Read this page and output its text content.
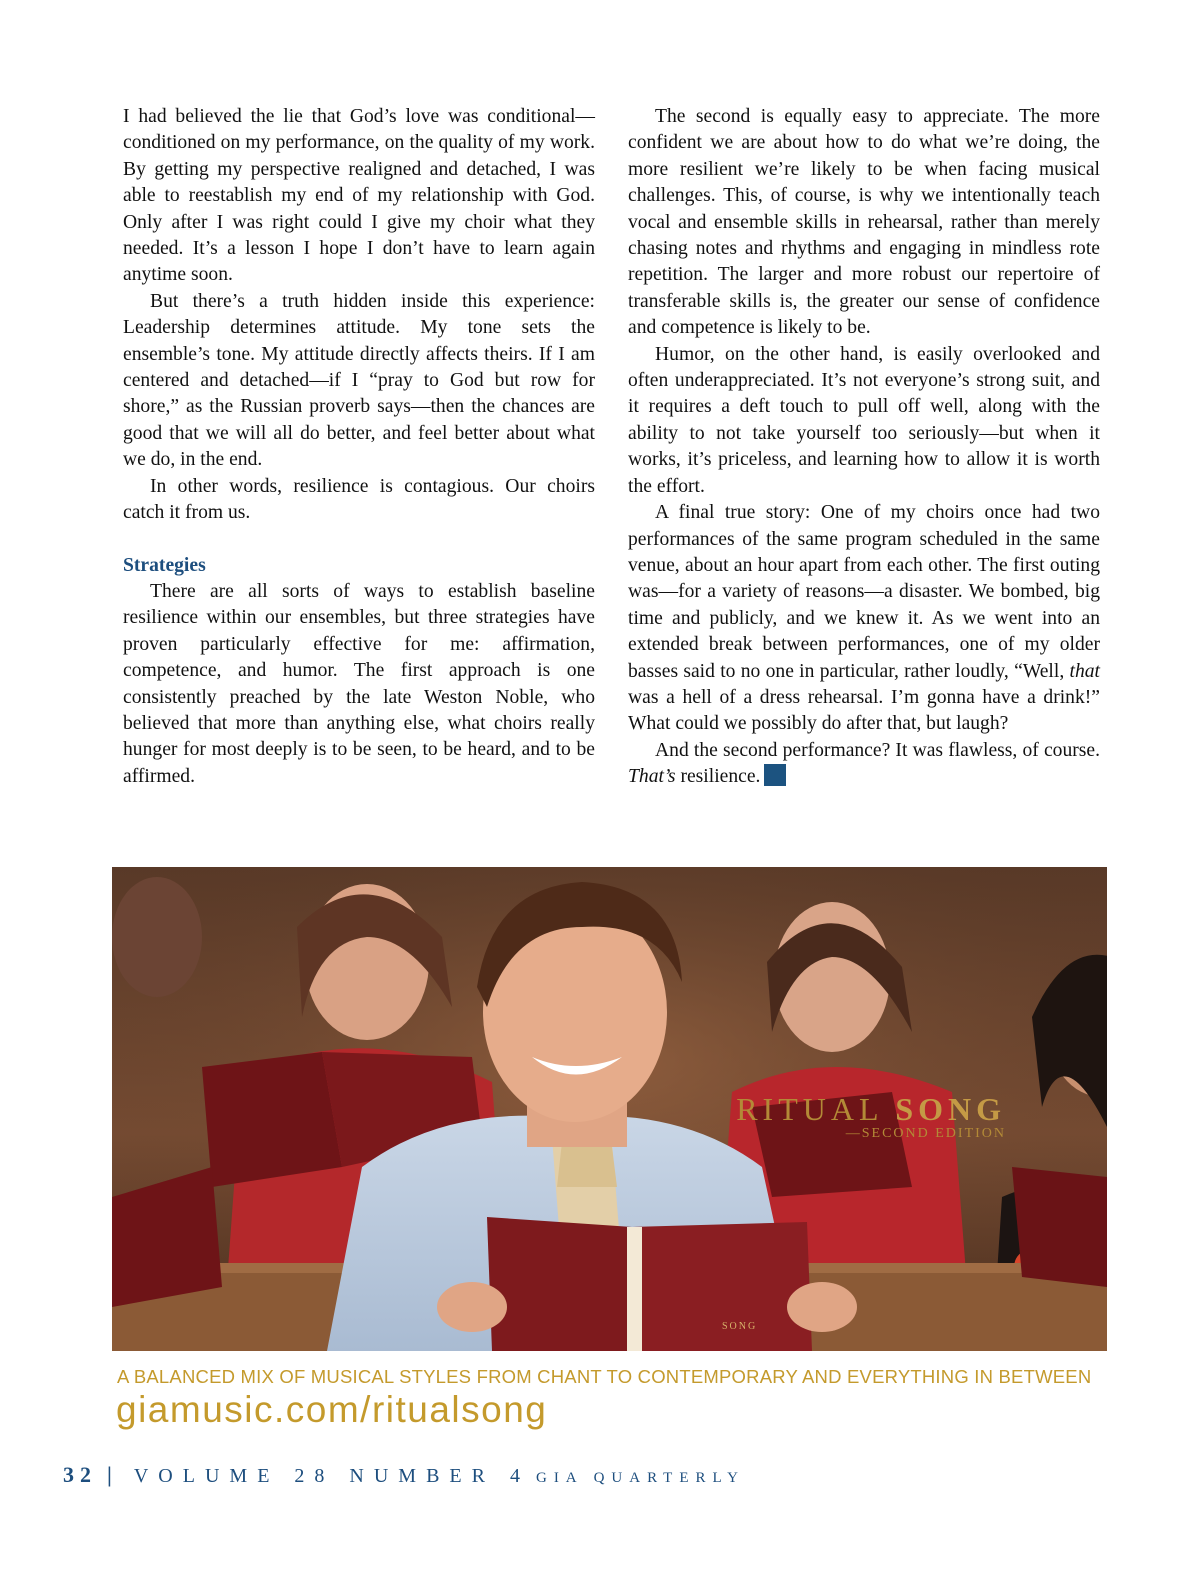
I had believed the lie that God’s love was conditional—conditioned on my performance, on the quality of my work. By getting my perspective realigned and detached, I was able to reestablish my end of my relationship with God. Only after I was right could I give my choir what they needed. It’s a lesson I hope I don’t have to learn again anytime soon.

But there’s a truth hidden inside this experience: Leadership determines attitude. My tone sets the ensemble’s tone. My attitude directly affects theirs. If I am centered and detached—if I “pray to God but row for shore,” as the Russian proverb says—then the chances are good that we will all do better, and feel better about what we do, in the end.

In other words, resilience is contagious. Our choirs catch it from us.

Strategies

There are all sorts of ways to establish baseline resilience within our ensembles, but three strategies have proven particularly effective for me: affirmation, competence, and humor. The first approach is one consistently preached by the late Weston Noble, who believed that more than anything else, what choirs really hunger for most deeply is to be seen, to be heard, and to be affirmed.

The second is equally easy to appreciate. The more confident we are about how to do what we’re doing, the more resilient we’re likely to be when facing musical challenges. This, of course, is why we intentionally teach vocal and ensemble skills in rehearsal, rather than merely chasing notes and rhythms and engaging in mindless rote repetition. The larger and more robust our repertoire of transferable skills is, the greater our sense of confidence and competence is likely to be.

Humor, on the other hand, is easily overlooked and often underappreciated. It’s not everyone’s strong suit, and it requires a deft touch to pull off well, along with the ability to not take yourself too seriously—but when it works, it’s priceless, and learning how to allow it is worth the effort.

A final true story: One of my choirs once had two performances of the same program scheduled in the same venue, about an hour apart from each other. The first outing was—for a variety of reasons—a disaster. We bombed, big time and publicly, and we knew it. As we went into an extended break between performances, one of my older basses said to no one in particular, rather loudly, “Well, that was a hell of a dress rehearsal. I’m gonna have a drink!” What could we possibly do after that, but laugh?

And the second performance? It was flawless, of course. That’s resilience.

SONG
RITUAL SONG
—SECOND EDITION
A BALANCED MIX OF MUSICAL STYLES FROM CHANT TO CONTEMPORARY AND EVERYTHING IN BETWEEN
giamusic.com/ritualsong
32 | VOLUME 28 NUMBER 4 GIA QUARTERLY
